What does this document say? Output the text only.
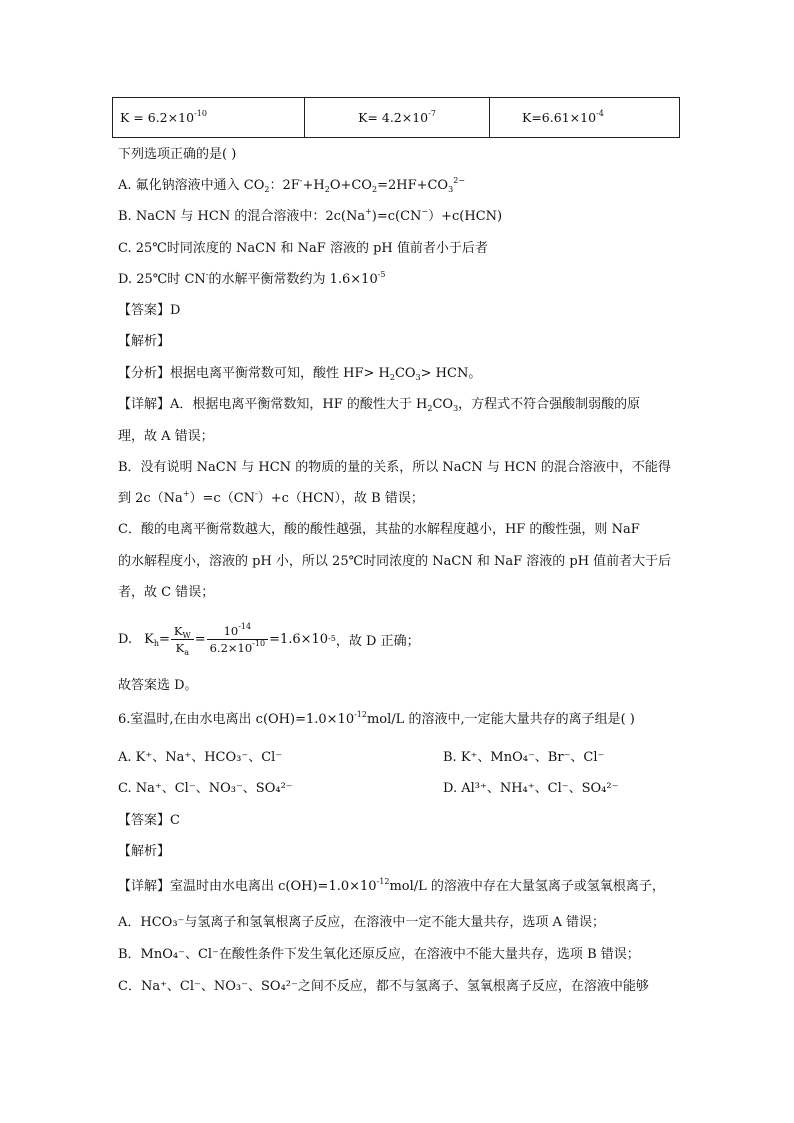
$K = 6.2\times 10^{-10}$	$K= 4.2\times 10^{-7}$	$K=6.61\times 10^{-4}$
下列选项正确的是( )
A. 氟化钠溶液中通入 $CO_2$：$2F^-+H_2O+CO_2=2HF+CO_3^{2-}$
B. NaCN 与 HCN 的混合溶液中：2c(Na+)=c(CN−）+c(HCN)
C. 25℃时同浓度的 NaCN 和 NaF 溶液的 pH 值前者小于后者
D. 25℃时 CN-的水解平衡常数约为 $1.6\times 10^{-5}$
【答案】D
【解析】
【分析】根据电离平衡常数可知，酸性 $HF> H_2CO_3>$ HCN。
【详解】A．根据电离平衡常数知，HF 的酸性大于 $H_2CO_3$，方程式不符合强酸制弱酸的原
理，故 A 错误；
B．没有说明 NaCN 与 HCN 的物质的量的关系，所以 NaCN 与 HCN 的混合溶液中，不能得
到 2c（Na+）=c（CN-）+c（HCN），故 B 错误；
C．酸的电离平衡常数越大，酸的酸性越强，其盐的水解程度越小，HF 的酸性强，则 NaF
的水解程度小，溶液的 pH 小，所以 25℃时同浓度的 NaCN 和 NaF 溶液的 pH 值前者大于后
者，故 C 错误；
D. $K_h = \frac{K_W}{K_a} = \frac{10^{-14}}{6.2\times 10^{-10}} =1.6\times 10$ -5 ，故 D 正确；
故答案选 D。
6.室温时,在由水电离出 $c(OH)=1.0\times 10^{-12}mol/L$ 的溶液中,一定能大量共存的离子组是( )
A. K⁺、Na⁺、HCO₃⁻、Cl⁻	B. K⁺、MnO₄⁻、Br⁻、Cl⁻
C. Na⁺、Cl⁻、NO₃⁻、SO₄²⁻	D. Al³⁺、NH₄⁺、Cl⁻、SO₄²⁻
【答案】C
【解析】
【详解】室温时由水电离出 $c(OH)=1.0\times 10^{-12}mol/L$ 的溶液中存在大量氢离子或氢氧根离子，
A．HCO₃⁻与氢离子和氢氧根离子反应，在溶液中一定不能大量共存，选项 A 错误；
B．MnO₄⁻、Cl⁻在酸性条件下发生氧化还原反应，在溶液中不能大量共存，选项 B 错误；
C．Na⁺、Cl⁻、NO₃⁻、SO₄²⁻之间不反应，都不与氢离子、氢氧根离子反应，在溶液中能够
